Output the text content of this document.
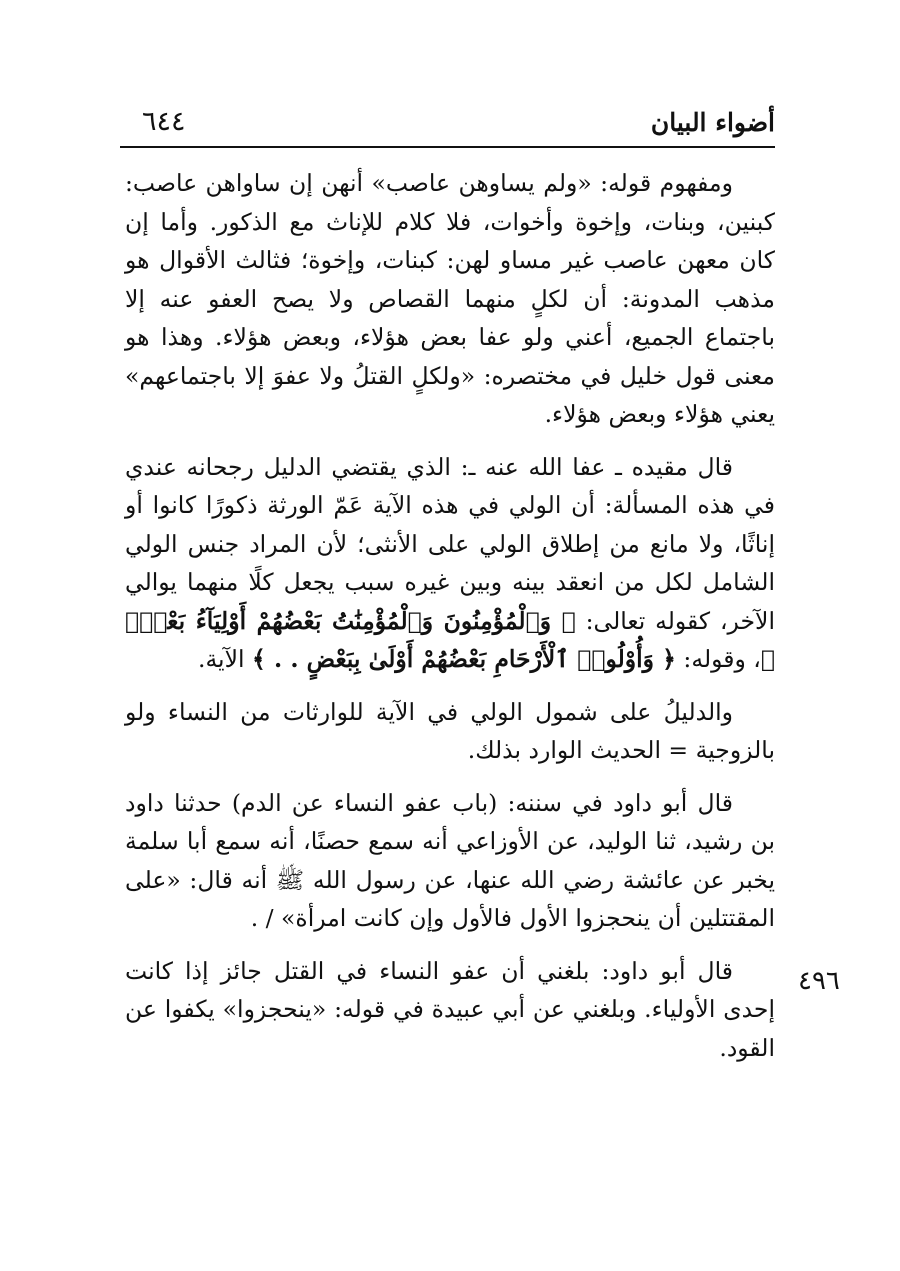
أضواء البيان
٦٤٤
٤٩٦

ومفهوم قوله: «ولم يساوهن عاصب» أنهن إن ساواهن عاصب: كبنين، وبنات، وإخوة وأخوات، فلا كلام للإناث مع الذكور. وأما إن كان معهن عاصب غير مساو لهن: كبنات، وإخوة؛ فثالث الأقوال هو مذهب المدونة: أن لكلٍ منهما القصاص ولا يصح العفو عنه إلا باجتماع الجميع، أعني ولو عفا بعض هؤلاء، وبعض هؤلاء. وهذا هو معنى قول خليل في مختصره: «ولكلٍ القتلُ ولا عفوَ إلا باجتماعهم» يعني هؤلاء وبعض هؤلاء.

قال مقيده ـ عفا الله عنه ـ: الذي يقتضي الدليل رجحانه عندي في هذه المسألة: أن الولي في هذه الآية عَمّ الورثة ذكورًا كانوا أو إناثًا، ولا مانع من إطلاق الولي على الأنثى؛ لأن المراد جنس الولي الشامل لكل من انعقد بينه وبين غيره سبب يجعل كلًا منهما يوالي الآخر، كقوله تعالى: ﴿ وَٱلْمُؤْمِنُونَ وَٱلْمُؤْمِنَٰتُ بَعْضُهُمْ أَوْلِيَآءُ بَعْضٍۚ ﴾، وقوله: ﴿ وَأُوْلُوا۟ ٱلْأَرْحَامِ بَعْضُهُمْ أَوْلَىٰ بِبَعْضٍ . . ﴾ الآية.

والدليلُ على شمول الولي في الآية للوارثات من النساء ولو بالزوجية = الحديث الوارد بذلك.

قال أبو داود في سننه: (باب عفو النساء عن الدم) حدثنا داود بن رشيد، ثنا الوليد، عن الأوزاعي أنه سمع حصنًا، أنه سمع أبا سلمة يخبر عن عائشة رضي الله عنها، عن رسول الله ﷺ أنه قال: «على المقتتلين أن ينحجزوا الأول فالأول وإن كانت امرأة» / .

قال أبو داود: بلغني أن عفو النساء في القتل جائز إذا كانت إحدى الأولياء. وبلغني عن أبي عبيدة في قوله: «ينحجزوا» يكفوا عن القود.
